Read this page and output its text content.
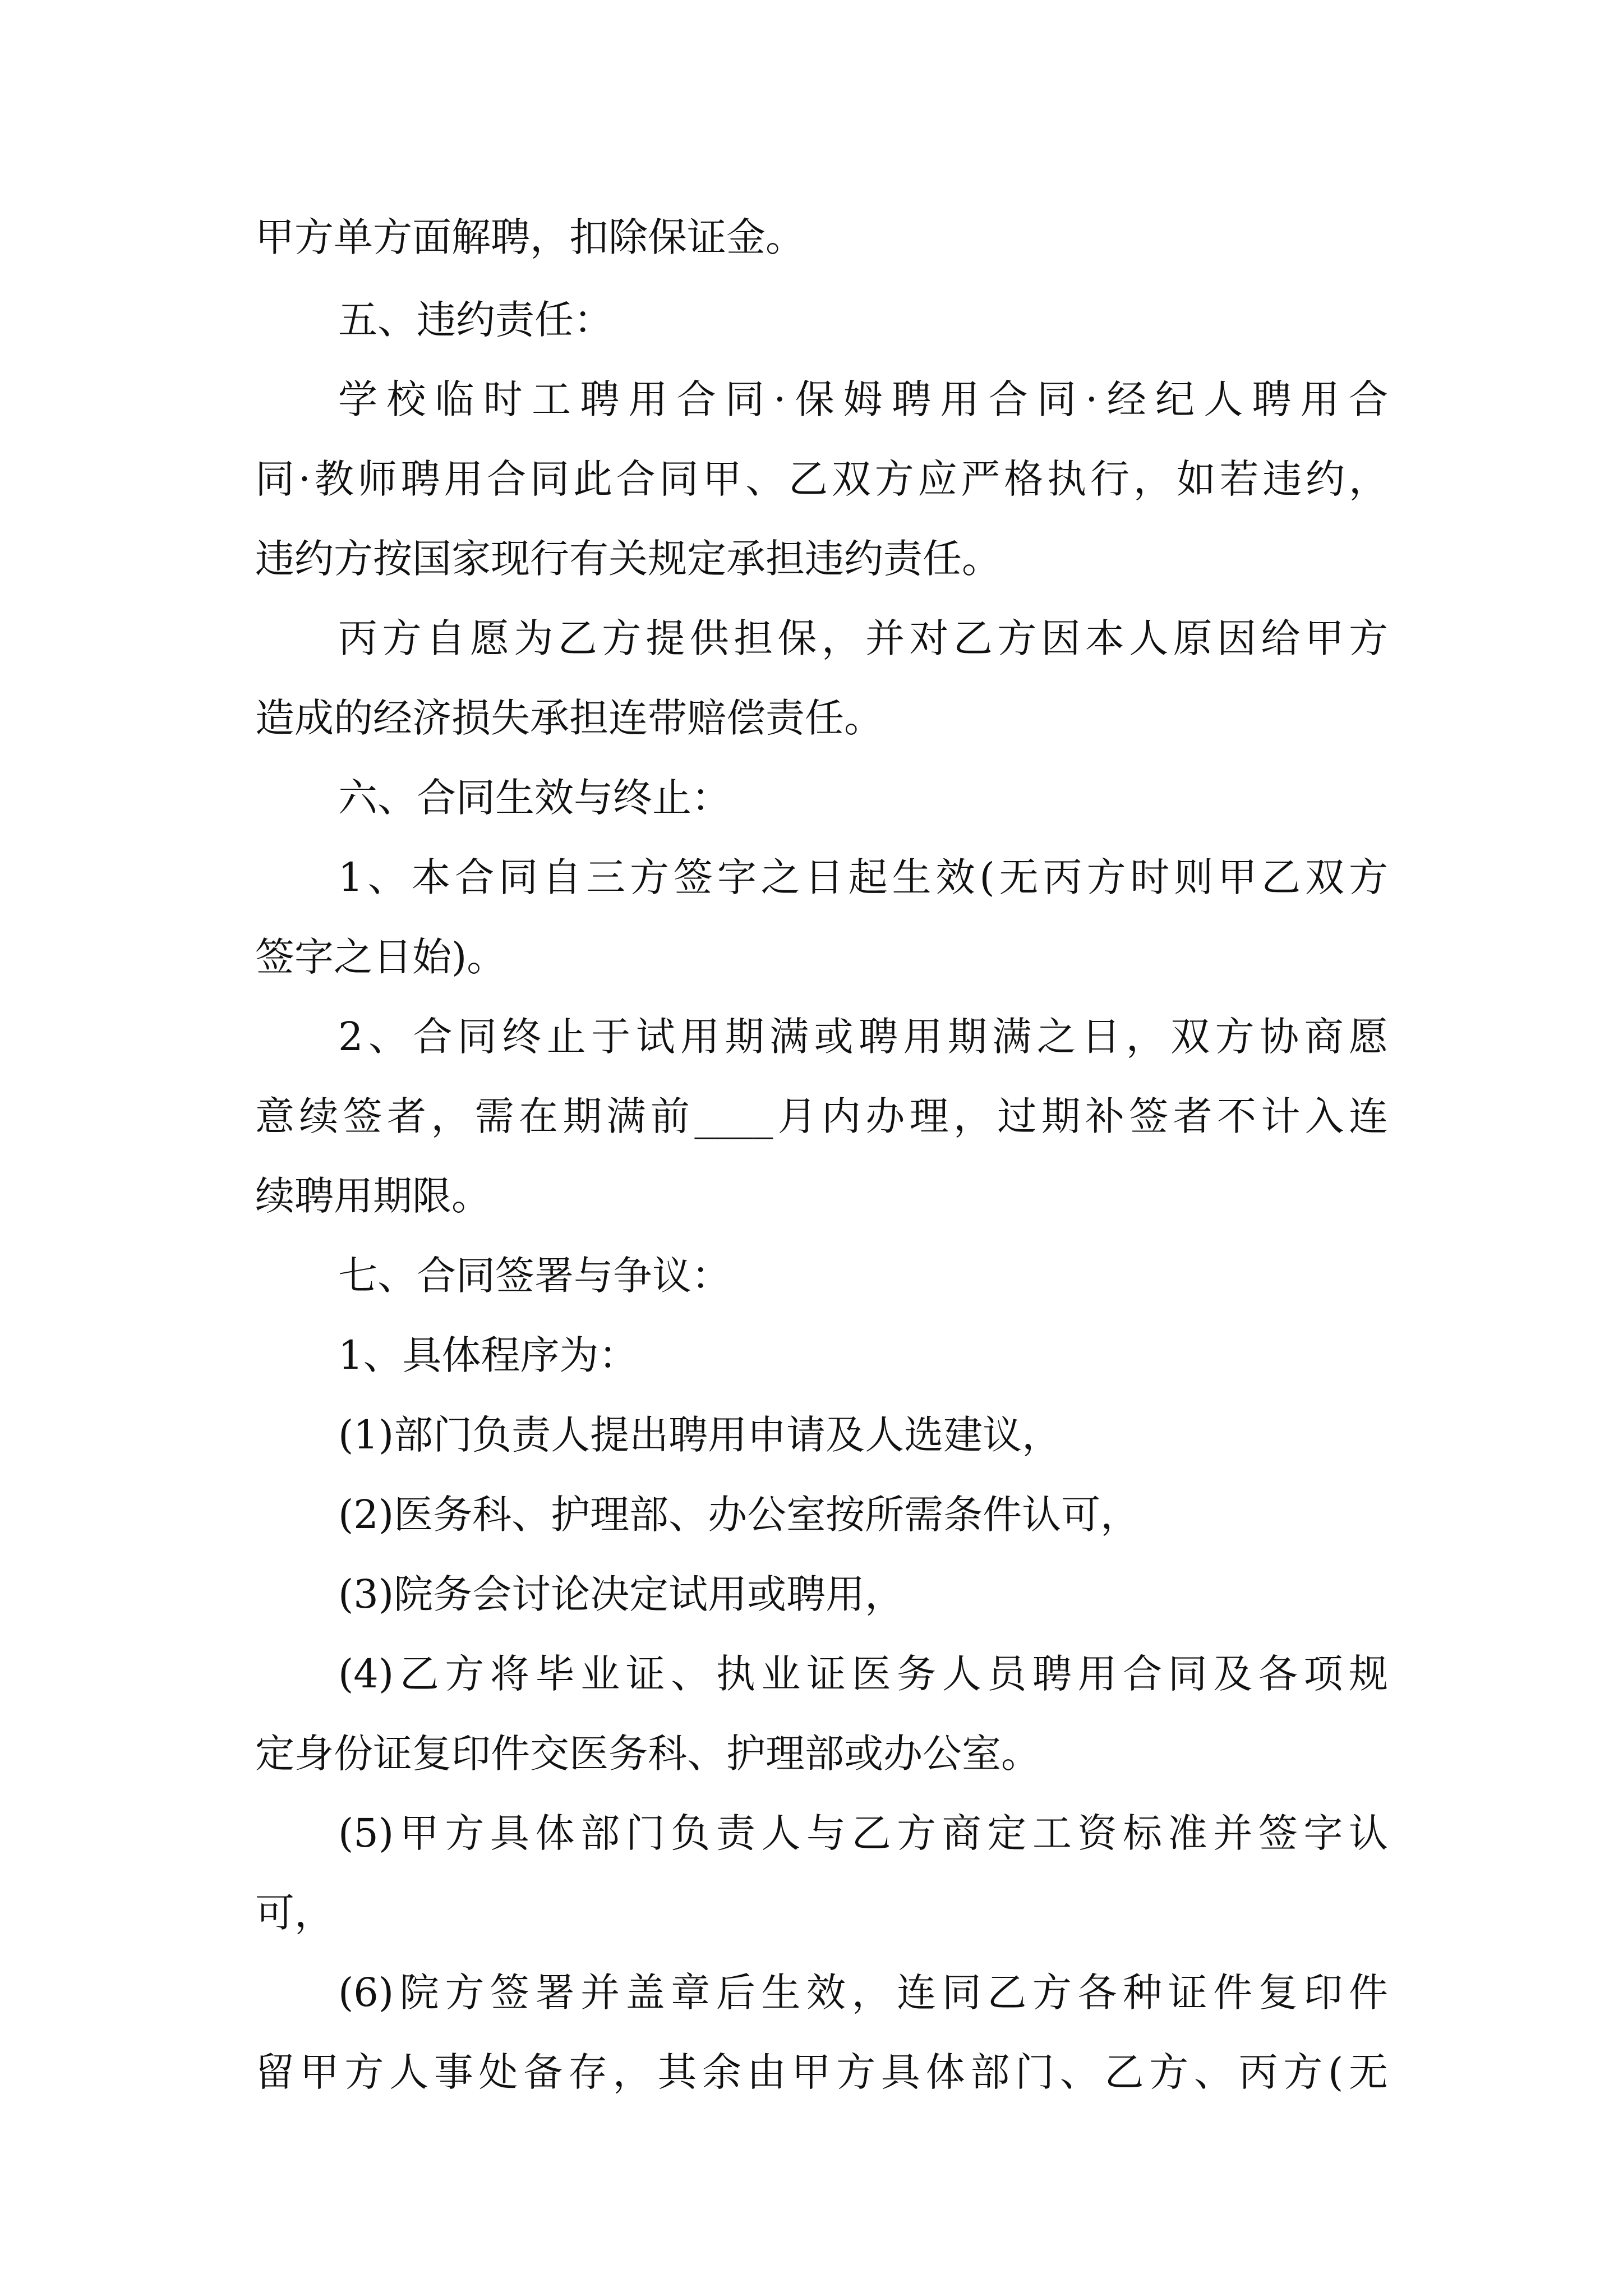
甲方单方面解聘，扣除保证金。
五、违约责任：
学校临时工聘用合同·保姆聘用合同·经纪人聘用合
同·教师聘用合同此合同甲、乙双方应严格执行，如若违约，
违约方按国家现行有关规定承担违约责任。
丙方自愿为乙方提供担保，并对乙方因本人原因给甲方
造成的经济损失承担连带赔偿责任。
六、合同生效与终止：
1、本合同自三方签字之日起生效(无丙方时则甲乙双方
签字之日始)。
2、合同终止于试用期满或聘用期满之日，双方协商愿
意续签者，需在期满前____月内办理，过期补签者不计入连
续聘用期限。
七、合同签署与争议：
1、具体程序为：
(1)部门负责人提出聘用申请及人选建议，
(2)医务科、护理部、办公室按所需条件认可，
(3)院务会讨论决定试用或聘用，
(4)乙方将毕业证、执业证医务人员聘用合同及各项规
定身份证复印件交医务科、护理部或办公室。
(5)甲方具体部门负责人与乙方商定工资标准并签字认
可，
(6)院方签署并盖章后生效，连同乙方各种证件复印件
留甲方人事处备存，其余由甲方具体部门、乙方、丙方(无
